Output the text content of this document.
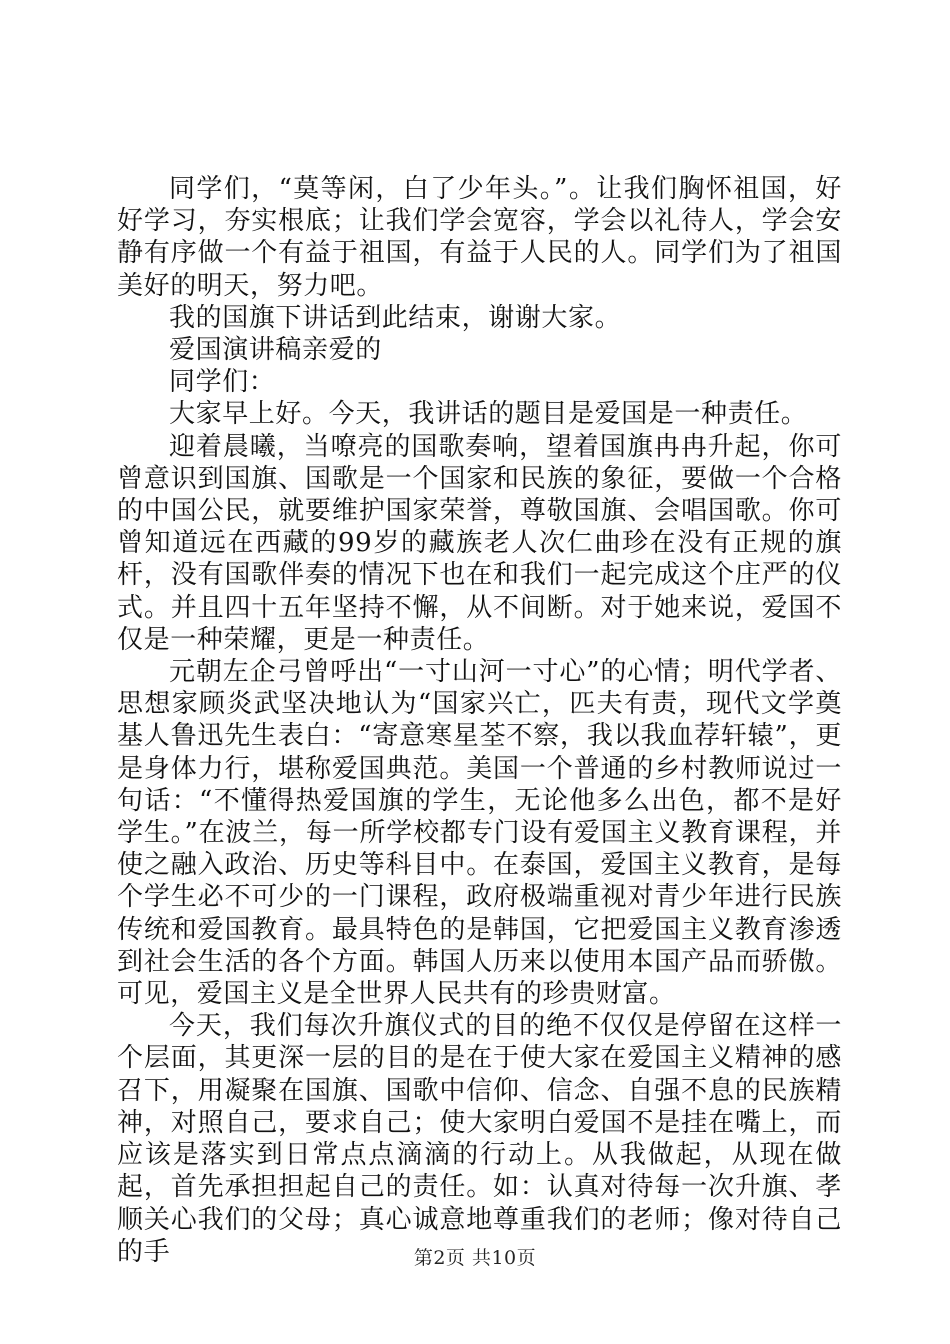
同学们，“莫等闲，白了少年头。”。让我们胸怀祖国，好好学习，夯实根底；让我们学会宽容，学会以礼待人，学会安静有序做一个有益于祖国，有益于人民的人。同学们为了祖国美好的明天，努力吧。

我的国旗下讲话到此结束，谢谢大家。

爱国演讲稿亲爱的

同学们：

大家早上好。今天，我讲话的题目是爱国是一种责任。

迎着晨曦，当嘹亮的国歌奏响，望着国旗冉冉升起，你可曾意识到国旗、国歌是一个国家和民族的象征，要做一个合格的中国公民，就要维护国家荣誉，尊敬国旗、会唱国歌。你可曾知道远在西藏的99岁的藏族老人次仁曲珍在没有正规的旗杆，没有国歌伴奏的情况下也在和我们一起完成这个庄严的仪式。并且四十五年坚持不懈，从不间断。对于她来说，爱国不仅是一种荣耀，更是一种责任。

元朝左企弓曾呼出“一寸山河一寸心”的心情；明代学者、思想家顾炎武坚决地认为“国家兴亡，匹夫有责，现代文学奠基人鲁迅先生表白：“寄意寒星荃不察，我以我血荐轩辕”，更是身体力行，堪称爱国典范。美国一个普通的乡村教师说过一句话：“不懂得热爱国旗的学生，无论他多么出色，都不是好学生。”在波兰，每一所学校都专门设有爱国主义教育课程，并使之融入政治、历史等科目中。在泰国，爱国主义教育，是每个学生必不可少的一门课程，政府极端重视对青少年进行民族传统和爱国教育。最具特色的是韩国，它把爱国主义教育渗透到社会生活的各个方面。韩国人历来以使用本国产品而骄傲。可见，爱国主义是全世界人民共有的珍贵财富。

今天，我们每次升旗仪式的目的绝不仅仅是停留在这样一个层面，其更深一层的目的是在于使大家在爱国主义精神的感召下，用凝聚在国旗、国歌中信仰、信念、自强不息的民族精神，对照自己，要求自己；使大家明白爱国不是挂在嘴上，而应该是落实到日常点点滴滴的行动上。从我做起，从现在做起，首先承担担起自己的责任。如：认真对待每一次升旗、孝顺关心我们的父母；真心诚意地尊重我们的老师；像对待自己的手	第2页 共10页
